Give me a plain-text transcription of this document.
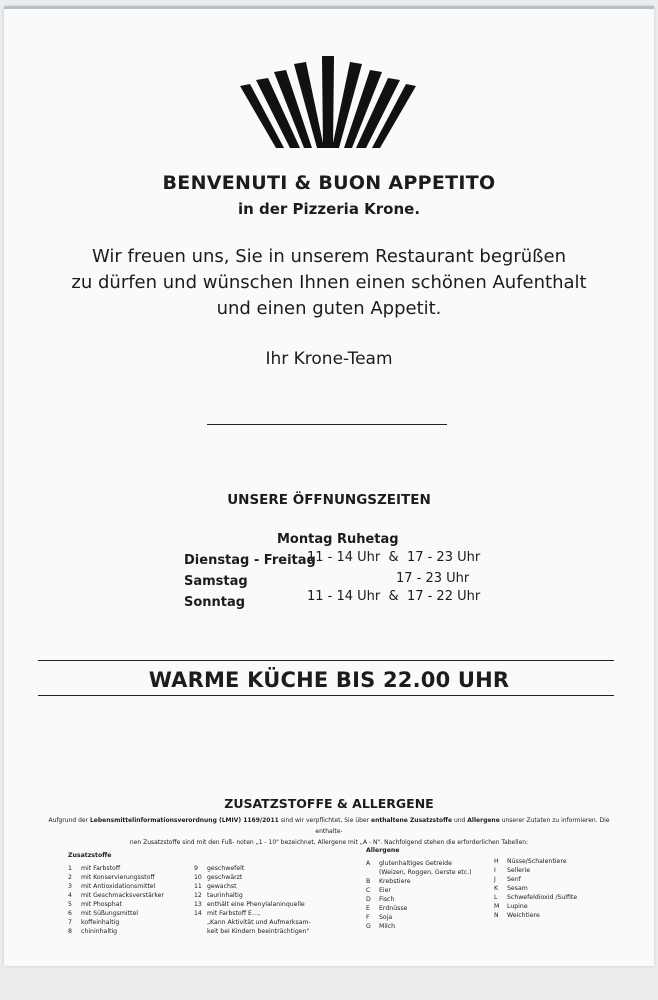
BENVENUTI & BUON APPETITO
in der Pizzeria Krone.
Wir freuen uns, Sie in unserem Restaurant begrüßen
zu dürfen und wünschen Ihnen einen schönen Aufenthalt
und einen guten Appetit.
Ihr Krone-Team
UNSERE ÖFFNUNGSZEITEN
Montag Ruhetag
Dienstag - Freitag
11 - 14 Uhr  &  17 - 23 Uhr
Samstag	17 - 23 Uhr
Sonntag	11 - 14 Uhr  &  17 - 22 Uhr
WARME KÜCHE BIS 22.00 UHR
ZUSATZSTOFFE & ALLERGENE
Aufgrund der Lebensmittelinformationsverordnung (LMIV) 1169/2011 sind wir verpflichtet, Sie über enthaltene Zusatzstoffe und Allergene unserer Zutaten zu informieren. Die enthalte-
nen Zusatzstoffe sind mit den Fuß- noten „1 - 10" bezeichnet, Allergene mit „A - N". Nachfolgend stehen die erforderlichen Tabellen:
Zusatzstoffe
1	mit Farbstoff
2	mit Konservierungsstoff
3	mit Antioxidationsmittel
4	mit Geschmacksverstärker
5	mit Phosphat
6	mit Süßungsmittel
7	koffeinhaltig
8	chininhaltig
9	geschwefelt
10 geschwärzt
11 gewachst
12 taurinhaltig
13 enthält eine Phenylalaninquelle
14 mit Farbstoff E…,
„Kann Aktivität und Aufmerksam-
keit bei Kindern beeinträchtigen"
Allergene
A	glutenhaltiges Getreide
(Weizen, Roggen, Gerste etc.)
B	Krebstiere
C	Eier
D	Fisch
E	Erdnüsse
F	Soja
G	Milch
H	Nüsse/Schalentiere
I	Sellerie
J	Senf
K	Sesam
L	Schwefeldioxid /Sulfite
M	Lupine
N	Weichtiere
